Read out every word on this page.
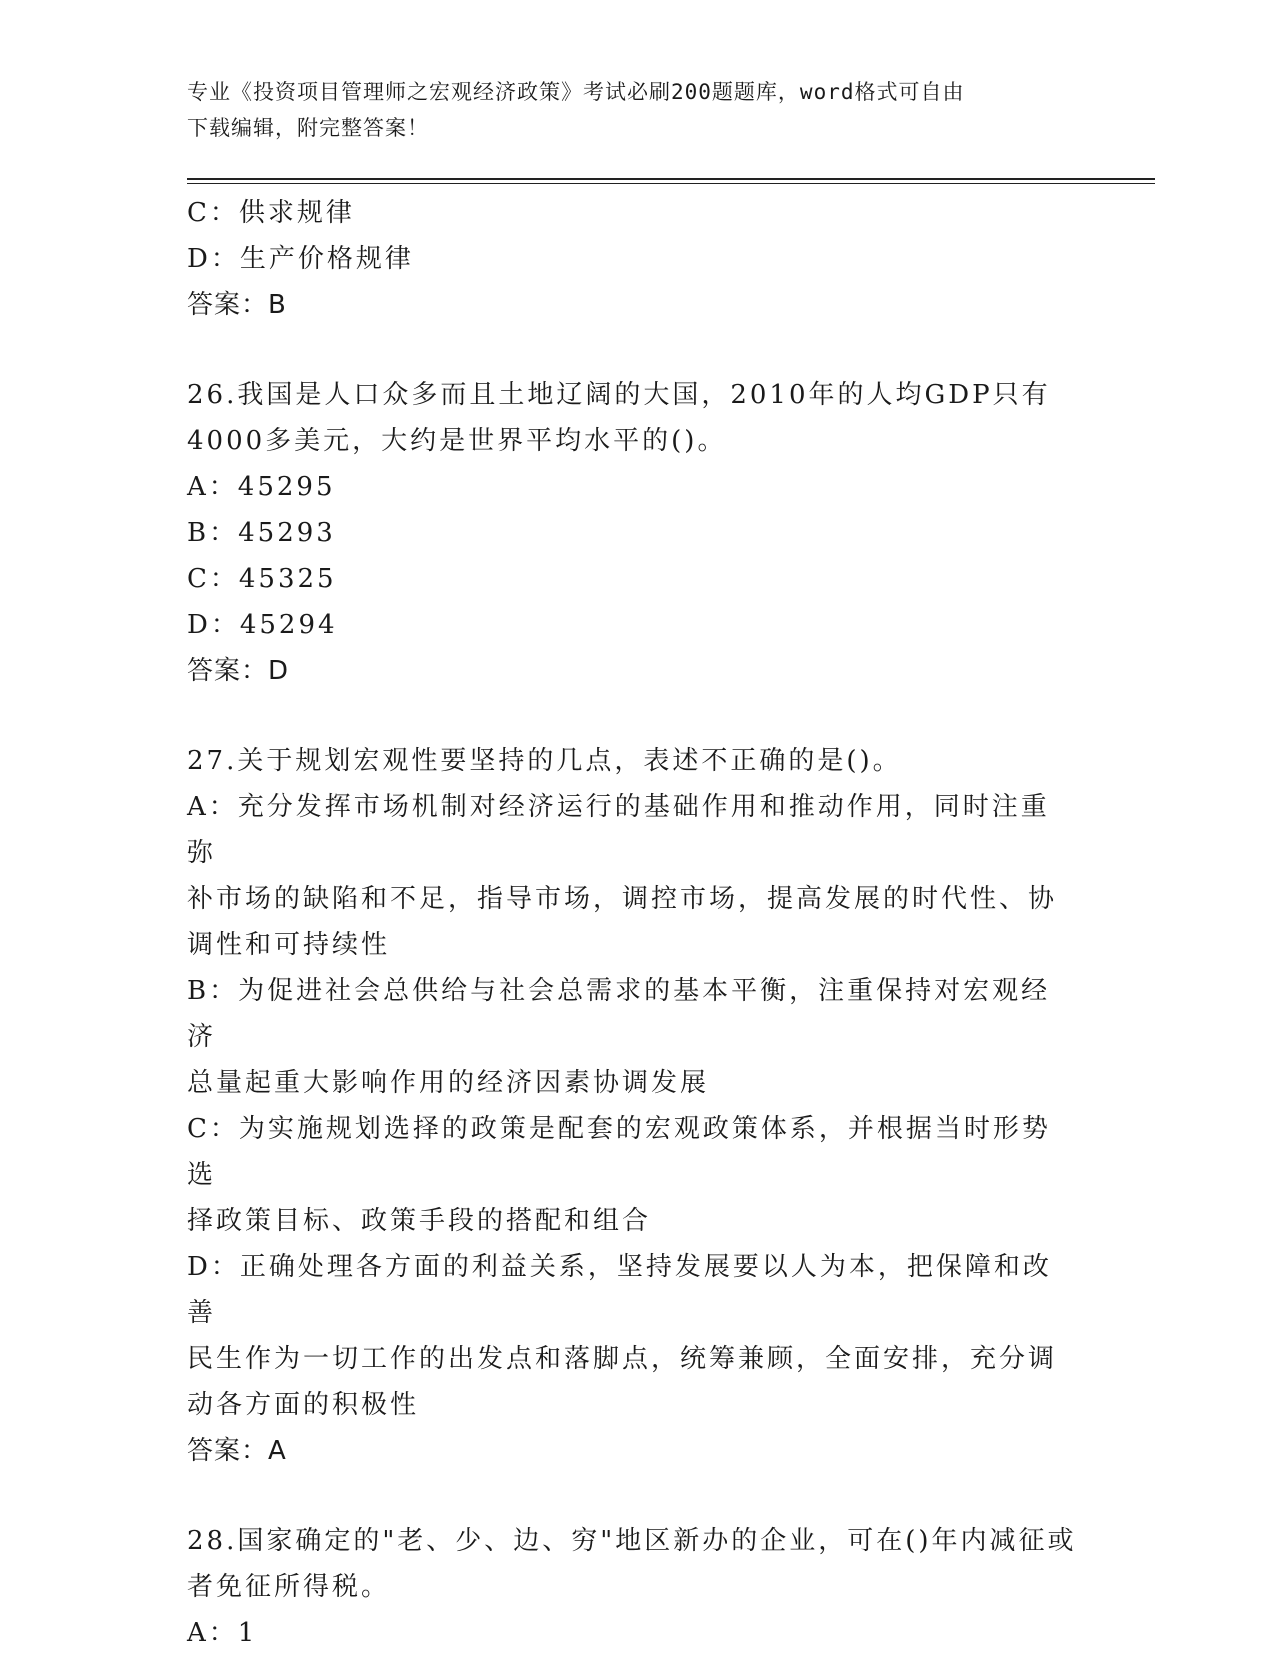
专业《投资项目管理师之宏观经济政策》考试必刷200题题库，word格式可自由
下载编辑，附完整答案！

C：供求规律

D：生产价格规律

答案：B

26.我国是人口众多而且土地辽阔的大国，2010年的人均GDP只有

4000多美元，大约是世界平均水平的()。

A：45295

B：45293

C：45325

D：45294

答案：D

27.关于规划宏观性要坚持的几点，表述不正确的是()。

A：充分发挥市场机制对经济运行的基础作用和推动作用，同时注重弥

补市场的缺陷和不足，指导市场，调控市场，提高发展的时代性、协

调性和可持续性

B：为促进社会总供给与社会总需求的基本平衡，注重保持对宏观经济

总量起重大影响作用的经济因素协调发展

C：为实施规划选择的政策是配套的宏观政策体系，并根据当时形势选

择政策目标、政策手段的搭配和组合

D：正确处理各方面的利益关系，坚持发展要以人为本，把保障和改善

民生作为一切工作的出发点和落脚点，统筹兼顾，全面安排，充分调

动各方面的积极性

答案：A

28.国家确定的"老、少、边、穷"地区新办的企业，可在()年内减征或

者免征所得税。

A：1
